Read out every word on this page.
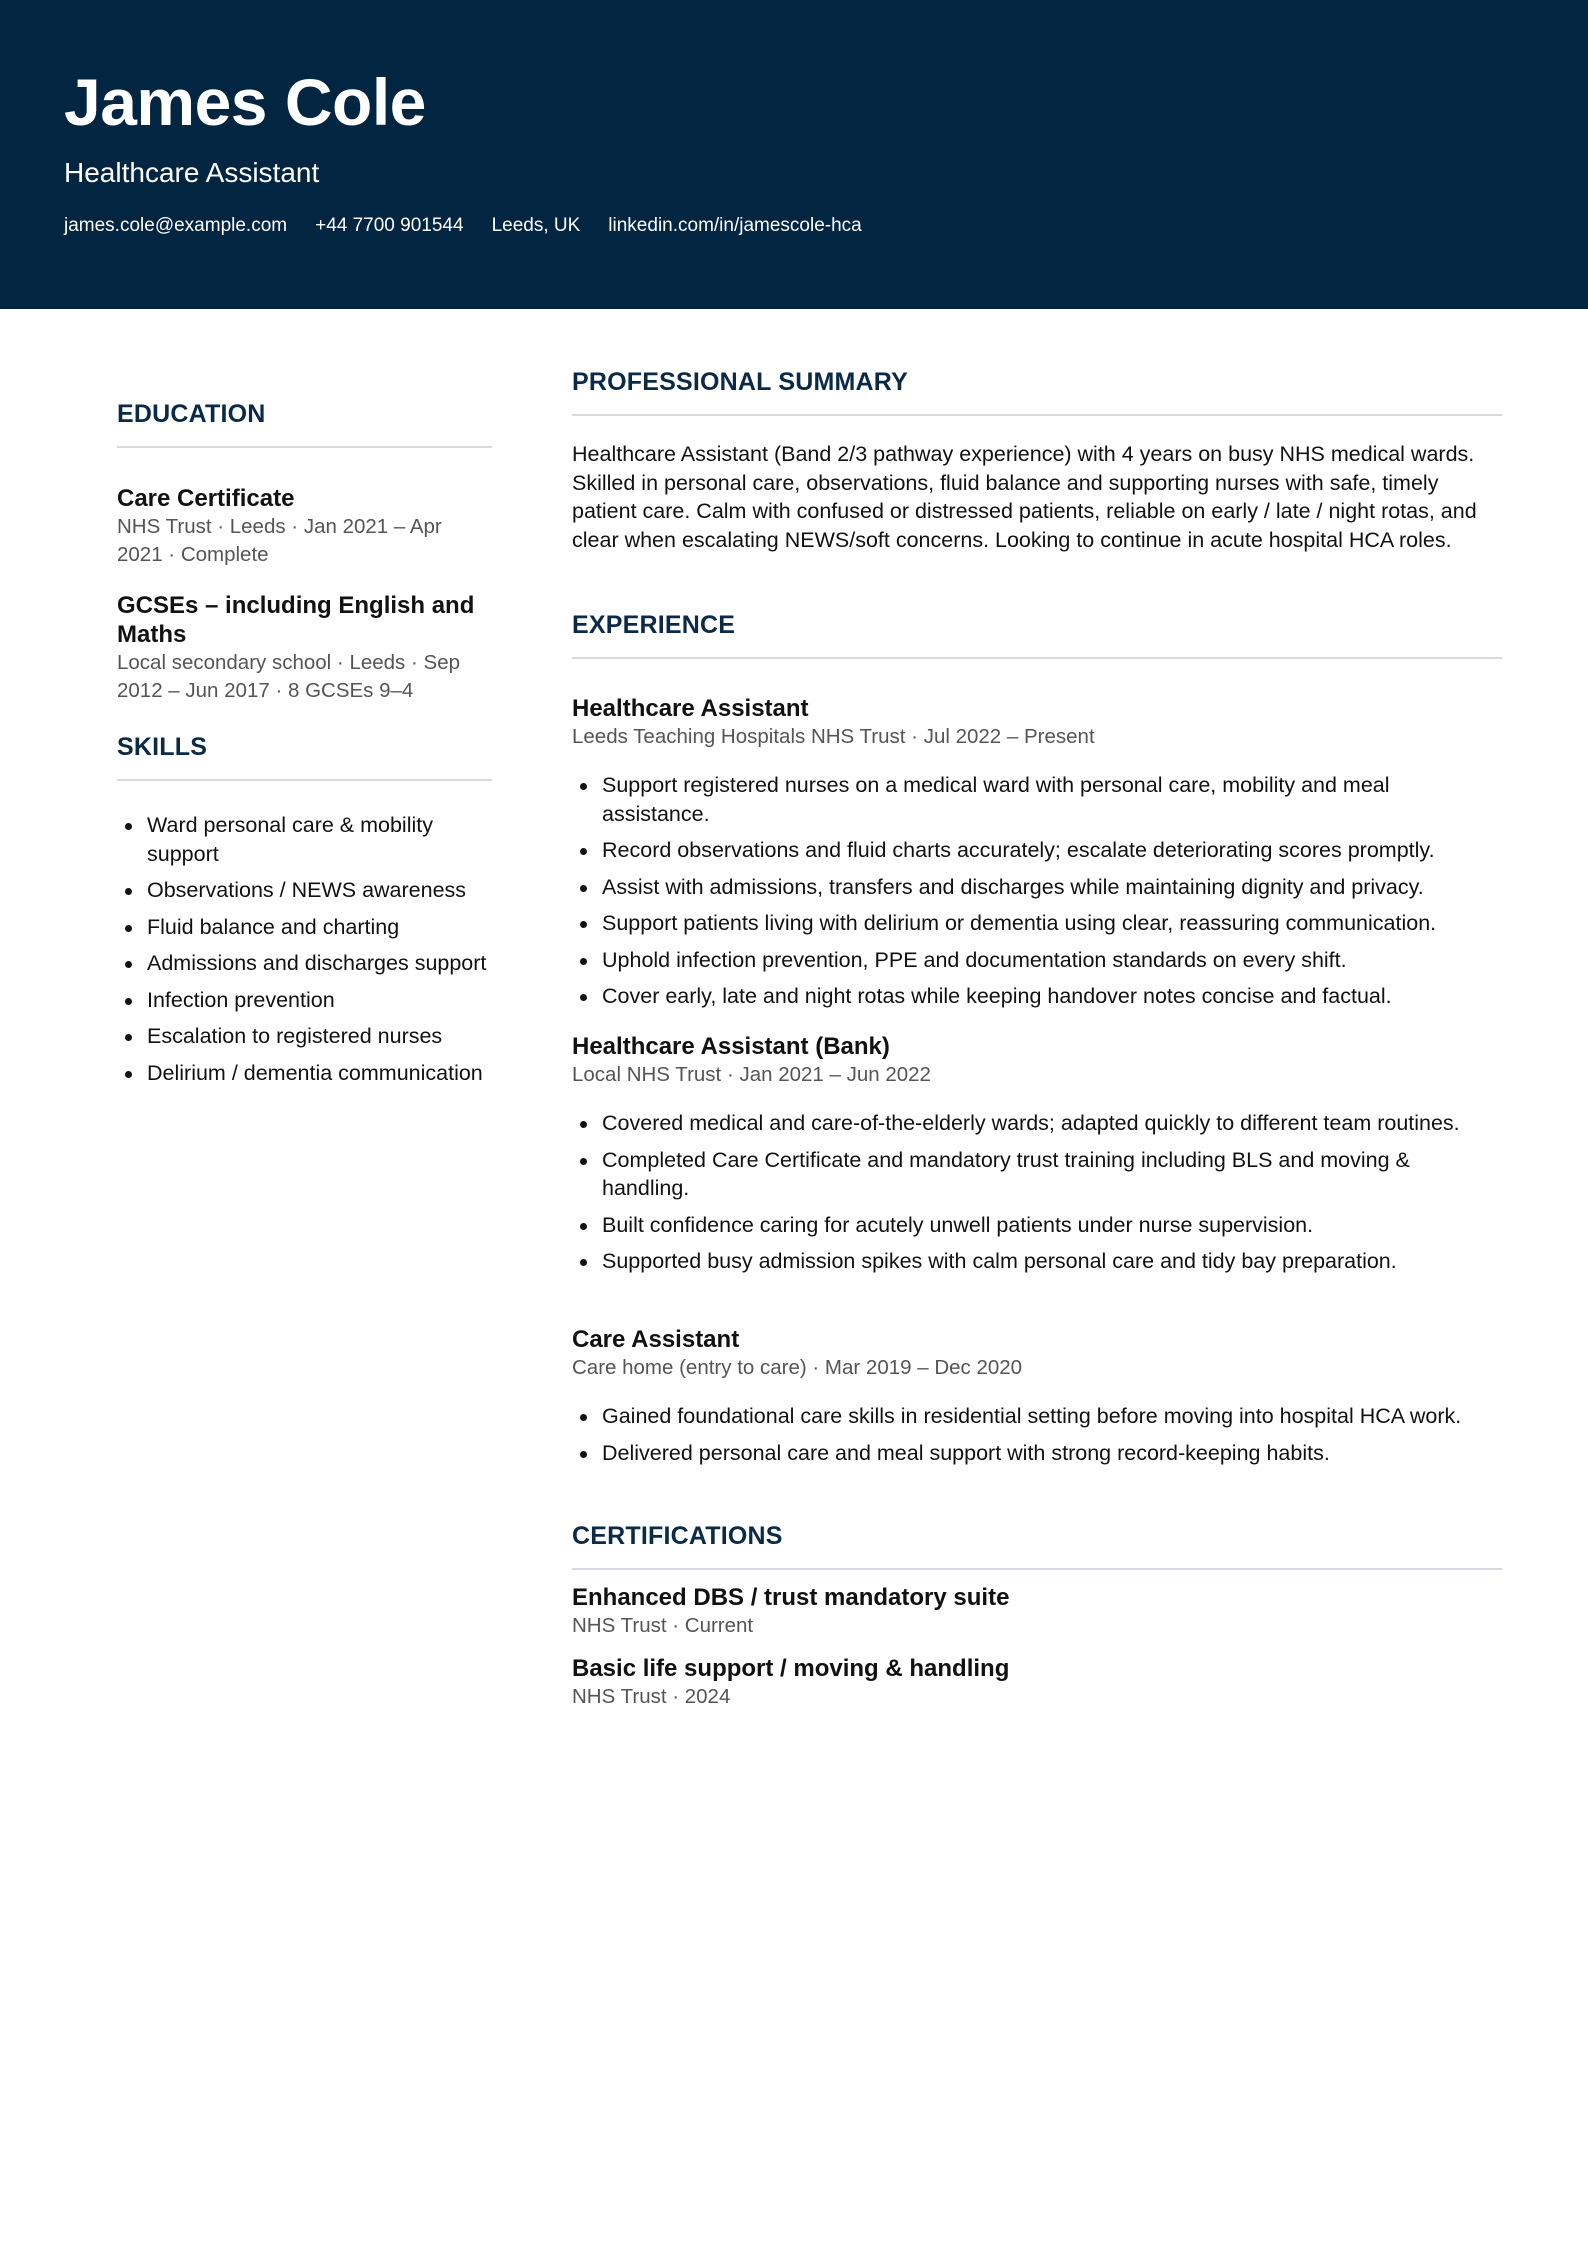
James Cole
Healthcare Assistant
james.cole@example.com +44 7700 901544 Leeds, UK linkedin.com/in/jamescole-hca
EDUCATION
Care Certificate
NHS Trust · Leeds · Jan 2021 – Apr 2021 · Complete
GCSEs – including English and Maths
Local secondary school · Leeds · Sep 2012 – Jun 2017 · 8 GCSEs 9–4
SKILLS
Ward personal care & mobility support
Observations / NEWS awareness
Fluid balance and charting
Admissions and discharges support
Infection prevention
Escalation to registered nurses
Delirium / dementia communication
PROFESSIONAL SUMMARY
Healthcare Assistant (Band 2/3 pathway experience) with 4 years on busy NHS medical wards. Skilled in personal care, observations, fluid balance and supporting nurses with safe, timely patient care. Calm with confused or distressed patients, reliable on early / late / night rotas, and clear when escalating NEWS/soft concerns. Looking to continue in acute hospital HCA roles.
EXPERIENCE
Healthcare Assistant
Leeds Teaching Hospitals NHS Trust · Jul 2022 – Present
Support registered nurses on a medical ward with personal care, mobility and meal assistance.
Record observations and fluid charts accurately; escalate deteriorating scores promptly.
Assist with admissions, transfers and discharges while maintaining dignity and privacy.
Support patients living with delirium or dementia using clear, reassuring communication.
Uphold infection prevention, PPE and documentation standards on every shift.
Cover early, late and night rotas while keeping handover notes concise and factual.
Healthcare Assistant (Bank)
Local NHS Trust · Jan 2021 – Jun 2022
Covered medical and care-of-the-elderly wards; adapted quickly to different team routines.
Completed Care Certificate and mandatory trust training including BLS and moving & handling.
Built confidence caring for acutely unwell patients under nurse supervision.
Supported busy admission spikes with calm personal care and tidy bay preparation.
Care Assistant
Care home (entry to care) · Mar 2019 – Dec 2020
Gained foundational care skills in residential setting before moving into hospital HCA work.
Delivered personal care and meal support with strong record-keeping habits.
CERTIFICATIONS
Enhanced DBS / trust mandatory suite
NHS Trust · Current
Basic life support / moving & handling
NHS Trust · 2024
